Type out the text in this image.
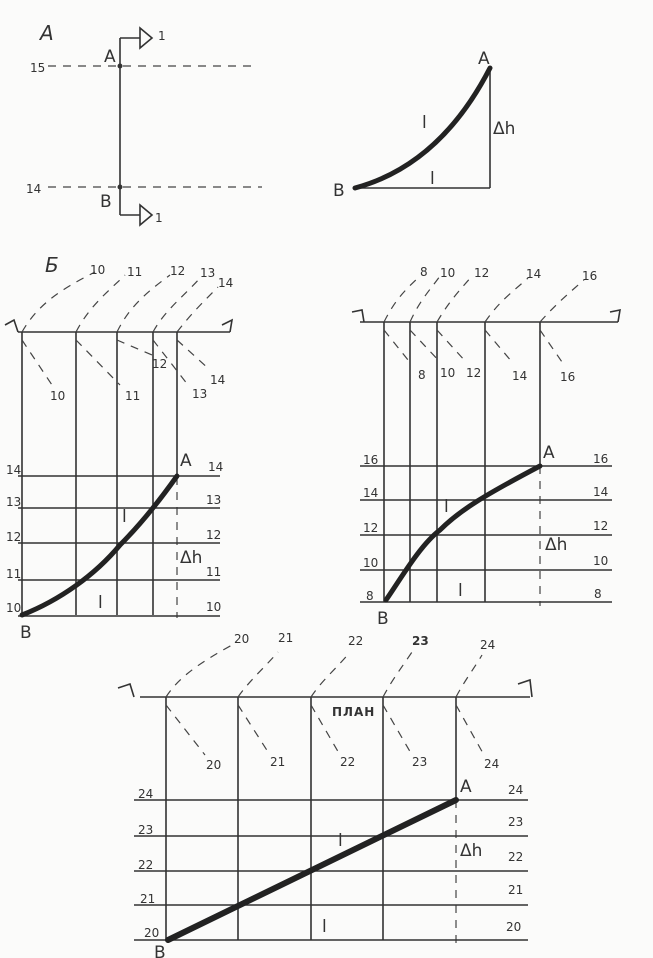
А	1
1
15
14
A
B
A
B
Δh
l
l
Б	10 11 12 13
14
10	11
12
13
14
14
13
12
11
10
14
13
12
11
10
A
B
Δh
l
l
8 10 12	14	16
8 10 12	14	16
16
14
12
10
8
16
14
12
10
8
A
B
Δh
l
l
ПЛАН
20 21	22	23	24
20	21	22	23	24
24
23
22
21
20
24
23
22
21
20
A
B
Δh
l
l
